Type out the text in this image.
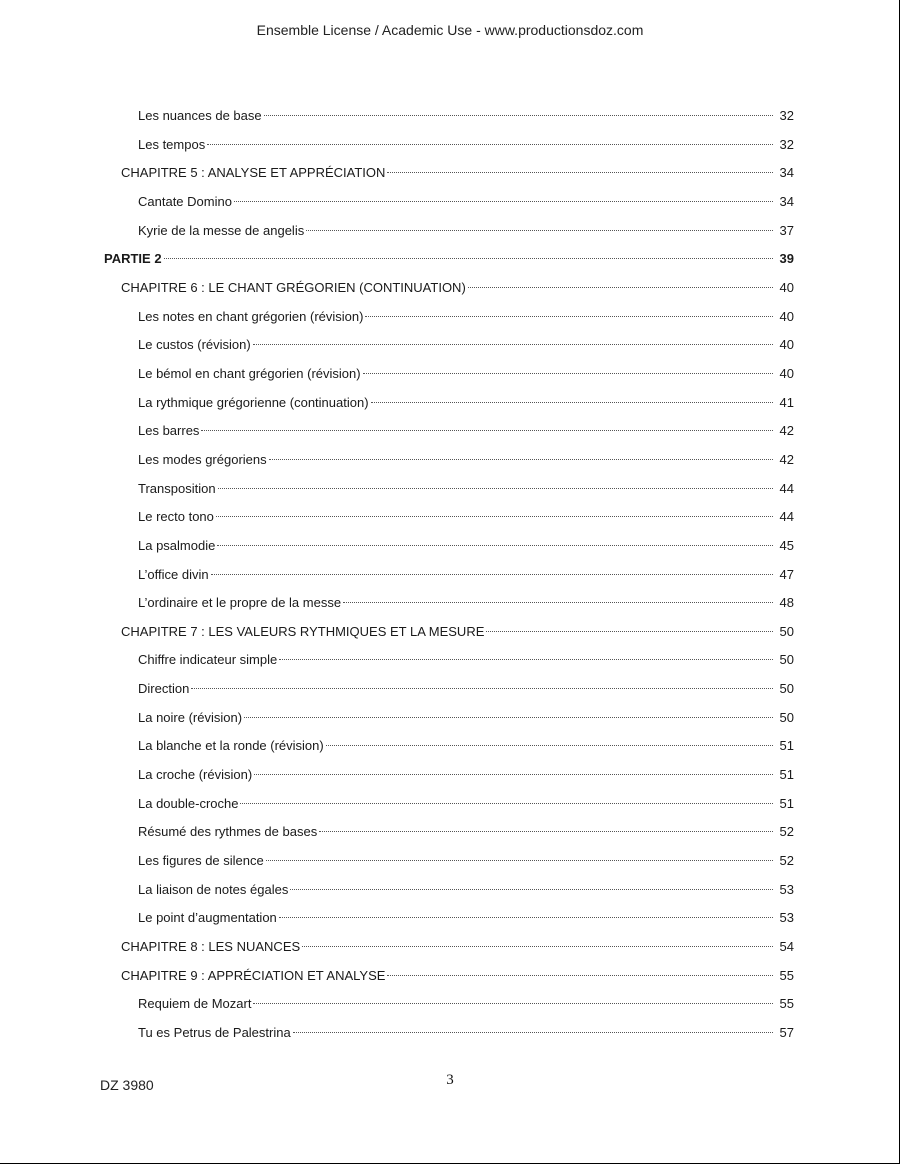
Ensemble License / Academic Use - www.productionsdoz.com
Les nuances de base	32
Les tempos	32
CHAPITRE 5 : ANALYSE ET APPRÉCIATION	34
Cantate Domino	34
Kyrie de la messe de angelis	37
PARTIE 2	39
CHAPITRE 6 : LE CHANT GRÉGORIEN (CONTINUATION)	40
Les notes en chant grégorien (révision)	40
Le custos (révision)	40
Le bémol en chant grégorien (révision)	40
La rythmique grégorienne (continuation)	41
Les barres	42
Les modes grégoriens	42
Transposition	44
Le recto tono	44
La psalmodie	45
L’office divin	47
L’ordinaire et le propre de la messe	48
CHAPITRE 7 : LES VALEURS RYTHMIQUES ET LA MESURE	50
Chiffre indicateur simple	50
Direction	50
La noire (révision)	50
La blanche et la ronde (révision)	51
La croche (révision)	51
La double-croche	51
Résumé des rythmes de bases	52
Les figures de silence	52
La liaison de notes égales	53
Le point d’augmentation	53
CHAPITRE 8 : LES NUANCES	54
CHAPITRE 9 : APPRÉCIATION ET ANALYSE	55
Requiem de Mozart	55
Tu es Petrus de Palestrina	57
DZ 3980	3
